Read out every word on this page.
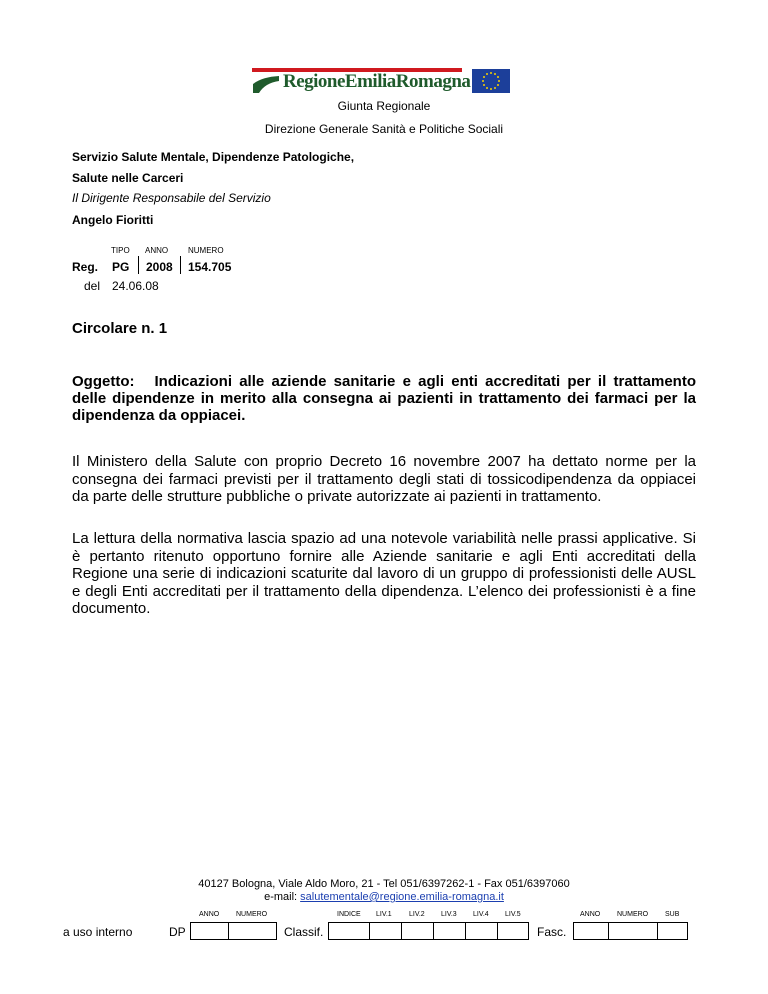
RegioneEmiliaRomagna
Giunta Regionale
Direzione Generale Sanità e Politiche Sociali
Servizio Salute Mentale, Dipendenze Patologiche,
Salute nelle Carceri
Il Dirigente Responsabile del Servizio
Angelo Fioritti
TIPO ANNO NUMERO
Reg. PG 2008 154.705
del 24.06.08
Circolare n. 1
Oggetto: Indicazioni alle aziende sanitarie e agli enti accreditati per il trattamento delle dipendenze in merito alla consegna ai pazienti in trattamento dei farmaci per la dipendenza da oppiacei.
Il Ministero della Salute con proprio Decreto 16 novembre 2007 ha dettato norme per la consegna dei farmaci previsti per il trattamento degli stati di tossicodipendenza da oppiacei da parte delle strutture pubbliche o private autorizzate ai pazienti in trattamento.
La lettura della normativa lascia spazio ad una notevole variabilità nelle prassi applicative. Si è pertanto ritenuto opportuno fornire alle Aziende sanitarie e agli Enti accreditati della Regione una serie di indicazioni scaturite dal lavoro di un gruppo di professionisti delle AUSL e degli Enti accreditati per il trattamento della dipendenza. L’elenco dei professionisti è a fine documento.
40127 Bologna, Viale Aldo Moro, 21 - Tel 051/6397262-1 - Fax 051/6397060
e-mail: salutementale@regione.emilia-romagna.it
ANNO NUMERO	INDICE LIV.1 LIV.2 LIV.3 LIV.4 LIV.5	ANNO NUMERO SUB
a uso interno	DP	Classif.	Fasc.
